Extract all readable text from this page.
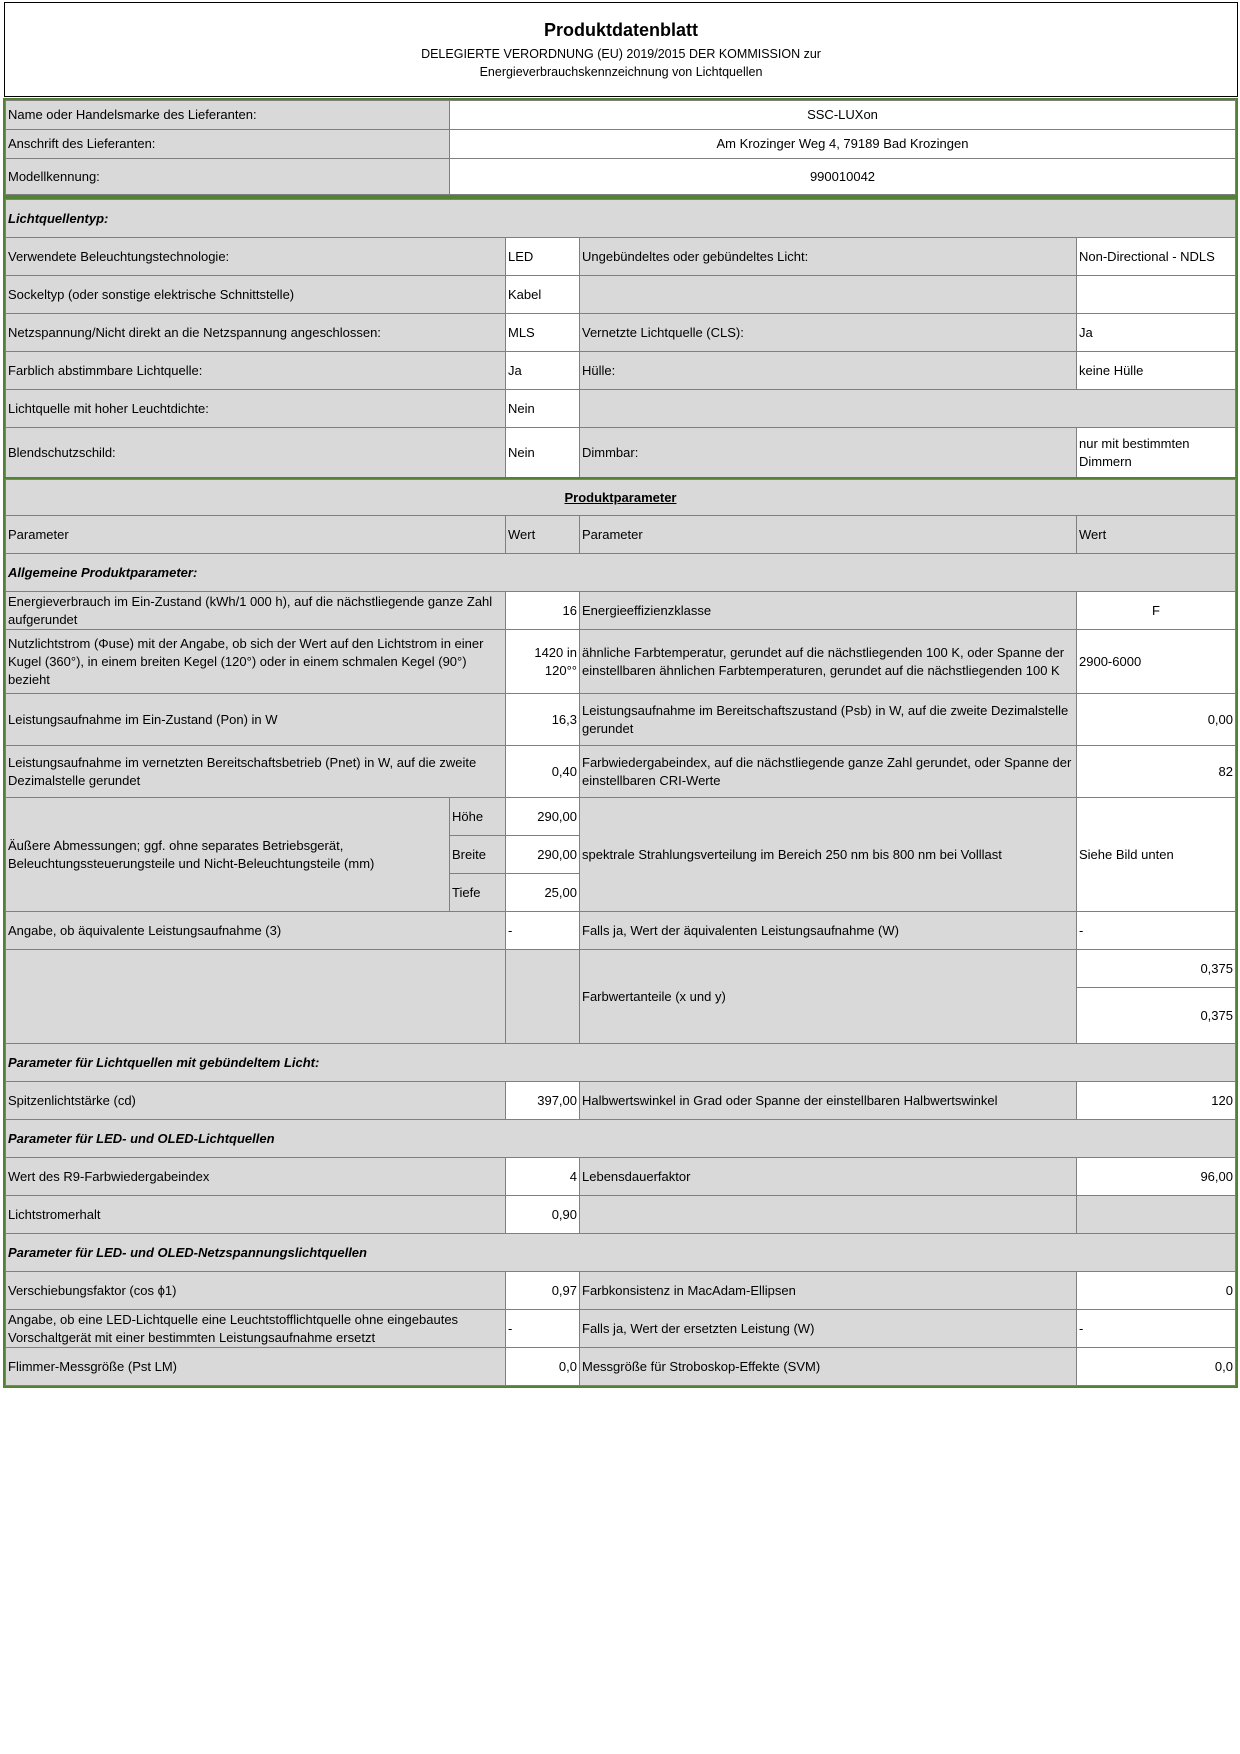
Produktdatenblatt
DELEGIERTE VERORDNUNG (EU) 2019/2015 DER KOMMISSION zur
Energieverbrauchskennzeichnung von Lichtquellen
Name oder Handelsmarke des Lieferanten:	SSC-LUXon
Anschrift des Lieferanten:	Am Krozinger Weg 4, 79189 Bad Krozingen
Modellkennung:	990010042
Lichtquellentyp:			
Verwendete Beleuchtungstechnologie:	LED	Ungebündeltes oder gebündeltes Licht:	Non-Directional - NDLS
Sockeltyp (oder sonstige elektrische Schnittstelle)	Kabel		
Netzspannung/Nicht direkt an die Netzspannung angeschlossen:	MLS	Vernetzte Lichtquelle (CLS):	Ja
Farblich abstimmbare Lichtquelle:	Ja	Hülle:	keine Hülle
Lichtquelle mit hoher Leuchtdichte:	Nein		
Blendschutzschild:	Nein	Dimmbar:	nur mit bestimmten Dimmern
Produktparameter				
Parameter		Wert	Parameter	Wert
Allgemeine Produktparameter:				
Energieverbrauch im Ein-Zustand (kWh/1 000 h), auf die nächstliegende ganze Zahl aufgerundet		16	Energieeffizienzklasse	F
Nutzlichtstrom (Φuse) mit der Angabe, ob sich der Wert auf den Lichtstrom in einer Kugel (360°), in einem breiten Kegel (120°) oder in einem schmalen Kegel (90°) bezieht		1420 in 120°°	ähnliche Farbtemperatur, gerundet auf die nächstliegenden 100 K, oder Spanne der einstellbaren ähnlichen Farbtemperaturen, gerundet auf die nächstliegenden 100 K	2900-6000
Leistungsaufnahme im Ein-Zustand (Pon) in W		16,3	Leistungsaufnahme im Bereitschaftszustand (Psb) in W, auf die zweite Dezimalstelle gerundet	0,00
Leistungsaufnahme im vernetzten Bereitschaftsbetrieb (Pnet) in W, auf die zweite Dezimalstelle gerundet		0,40	Farbwiedergabeindex, auf die nächstliegende ganze Zahl gerundet, oder Spanne der einstellbaren CRI-Werte	82
Äußere Abmessungen; ggf. ohne separates Betriebsgerät, Beleuchtungssteuerungsteile und Nicht-Beleuchtungsteile (mm)	Höhe	290,00	spektrale Strahlungsverteilung im Bereich 250 nm bis 800 nm bei Volllast	Siehe Bild unten
	Breite	290,00		
	Tiefe	25,00		
Angabe, ob äquivalente Leistungsaufnahme (3)		-	Falls ja, Wert der äquivalenten Leistungsaufnahme (W)	-
			Farbwertanteile (x und y)	0,375
				0,375
Parameter für Lichtquellen mit gebündeltem Licht:				
Spitzenlichtstärke (cd)		397,00	Halbwertswinkel in Grad oder Spanne der einstellbaren Halbwertswinkel	120
Parameter für LED- und OLED-Lichtquellen				
Wert des R9-Farbwiedergabeindex		4	Lebensdauerfaktor	96,00
Lichtstromerhalt		0,90		
Parameter für LED- und OLED-Netzspannungslichtquellen				
Verschiebungsfaktor (cos ϕ1)		0,97	Farbkonsistenz in MacAdam-Ellipsen	0
Angabe, ob eine LED-Lichtquelle eine Leuchtstofflichtquelle ohne eingebautes Vorschaltgerät mit einer bestimmten Leistungsaufnahme ersetzt		-	Falls ja, Wert der ersetzten Leistung (W)	-
Flimmer-Messgröße (Pst LM)		0,0	Messgröße für Stroboskop-Effekte (SVM)	0,0
